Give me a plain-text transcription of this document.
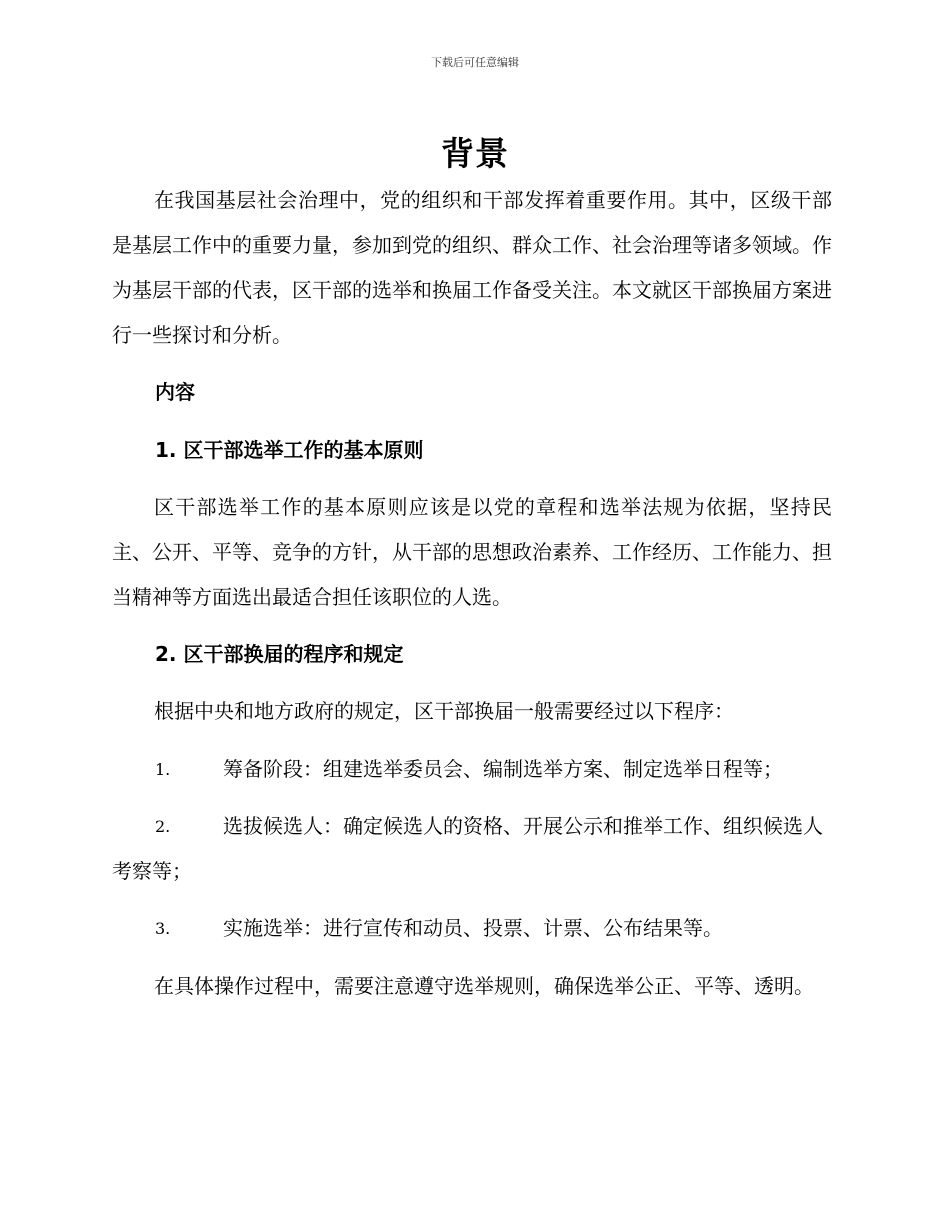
下载后可任意编辑
背景

在我国基层社会治理中，党的组织和干部发挥着重要作用。其中，区级干部是基层工作中的重要力量，参加到党的组织、群众工作、社会治理等诸多领域。作为基层干部的代表，区干部的选举和换届工作备受关注。本文就区干部换届方案进行一些探讨和分析。

内容

1. 区干部选举工作的基本原则

区干部选举工作的基本原则应该是以党的章程和选举法规为依据，坚持民主、公开、平等、竞争的方针，从干部的思想政治素养、工作经历、工作能力、担当精神等方面选出最适合担任该职位的人选。

2. 区干部换届的程序和规定

根据中央和地方政府的规定，区干部换届一般需要经过以下程序：

1.	筹备阶段：组建选举委员会、编制选举方案、制定选举日程等；
2.	选拔候选人：确定候选人的资格、开展公示和推举工作、组织候选人考察等；
3.	实施选举：进行宣传和动员、投票、计票、公布结果等。

在具体操作过程中，需要注意遵守选举规则，确保选举公正、平等、透明。
